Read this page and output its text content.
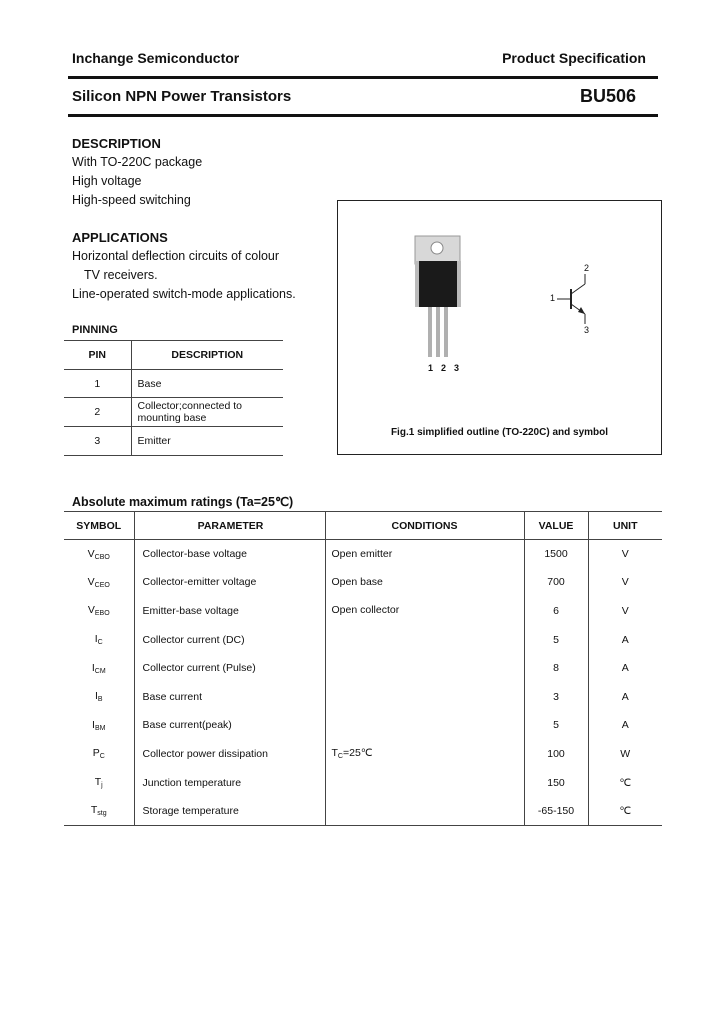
Inchange Semiconductor	Product Specification
Silicon NPN Power Transistors	BU506
DESCRIPTION
With TO-220C package
High voltage
High-speed switching
APPLICATIONS
Horizontal deflection circuits of colour
TV receivers.
Line-operated switch-mode applications.
PINNING
PIN	DESCRIPTION
1	Base
2	Collector;connected to mounting base
3	Emitter
1  2  3
2
1
3
Fig.1 simplified outline (TO-220C) and symbol
Absolute maximum ratings (Ta=25℃)
SYMBOL	PARAMETER	CONDITIONS	VALUE	UNIT
$V_{CBO}$	Collector-base voltage	Open emitter	1500	V
$V_{CEO}$	Collector-emitter voltage	Open base	700	V
$V_{EBO}$	Emitter-base voltage	Open collector	6	V
$I_C$	Collector current (DC)		5	A
$I_{CM}$	Collector current (Pulse)		8	A
$I_B$	Base current		3	A
$I_{BM}$	Base current(peak)		5	A
$P_C$	Collector power dissipation	$T_C=25℃$	100	W
$T_j$	Junction temperature		150	℃
$T_{stg}$	Storage temperature		-65-150	℃
